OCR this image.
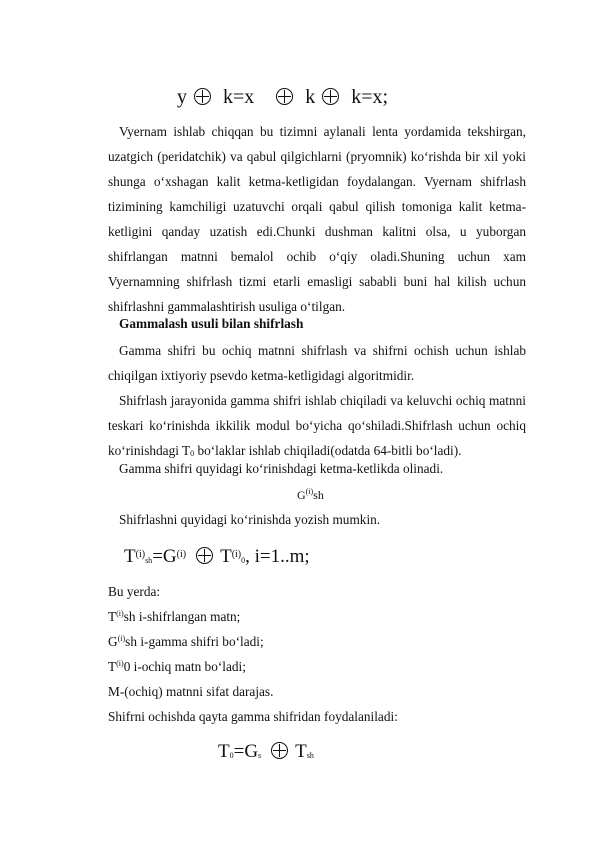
y k=x	k k=x;

Vyernam ishlab chiqqan bu tizimni aylanali lenta yordamida tekshirgan, uzatgich (peridatchik) va qabul qilgichlarni (pryomnik) ko‘rishda bir xil yoki shunga o‘xshagan kalit ketma-ketligidan foydalangan. Vyernam shifrlash tizimining kamchiligi uzatuvchi orqali qabul qilish tomoniga kalit ketma-ketligini qanday uzatish edi.Chunki dushman kalitni olsa, u yuborgan shifrlangan matnni bemalol ochib o‘qiy oladi.Shuning uchun xam Vyernamning shifrlash tizmi etarli emasligi sababli buni hal kilish uchun shifrlashni gammalashtirish usuliga o‘tilgan.

Gammalash usuli bilan shifrlash

Gamma shifri bu ochiq matnni shifrlash va shifrni ochish uchun ishlab chiqilgan ixtiyoriy psevdo ketma-ketligidagi algoritmidir.

Shifrlash jarayonida gamma shifri ishlab chiqiladi va keluvchi ochiq matnni teskari ko‘rinishda ikkilik modul bo‘yicha qo‘shiladi.Shifrlash uchun ochiq ko‘rinishdagi $T_0$ bo‘laklar ishlab chiqiladi(odatda 64-bitli bo‘ladi).

Gamma shifri quyidagi ko‘rinishdagi ketma-ketlikda olinadi.

$G^{(i)}sh$

Shifrlashni quyidagi ko‘rinishda yozish mumkin.

$T^{(i)}_{sh}=G^{(i)}$ $T^{(i)}_0$, i=1..m;

Bu yerda:

$T^{(i)}sh$ i-shifrlangan matn;

$G^{(i)}sh$ i-gamma shifri bo‘ladi;

$T^{(i)}0$ i-ochiq matn bo‘ladi;

M-(ochiq) matnni sifat darajas.

Shifrni ochishda qayta gamma shifridan foydalaniladi:

$T_0=G_s$ $T_{sh}$
